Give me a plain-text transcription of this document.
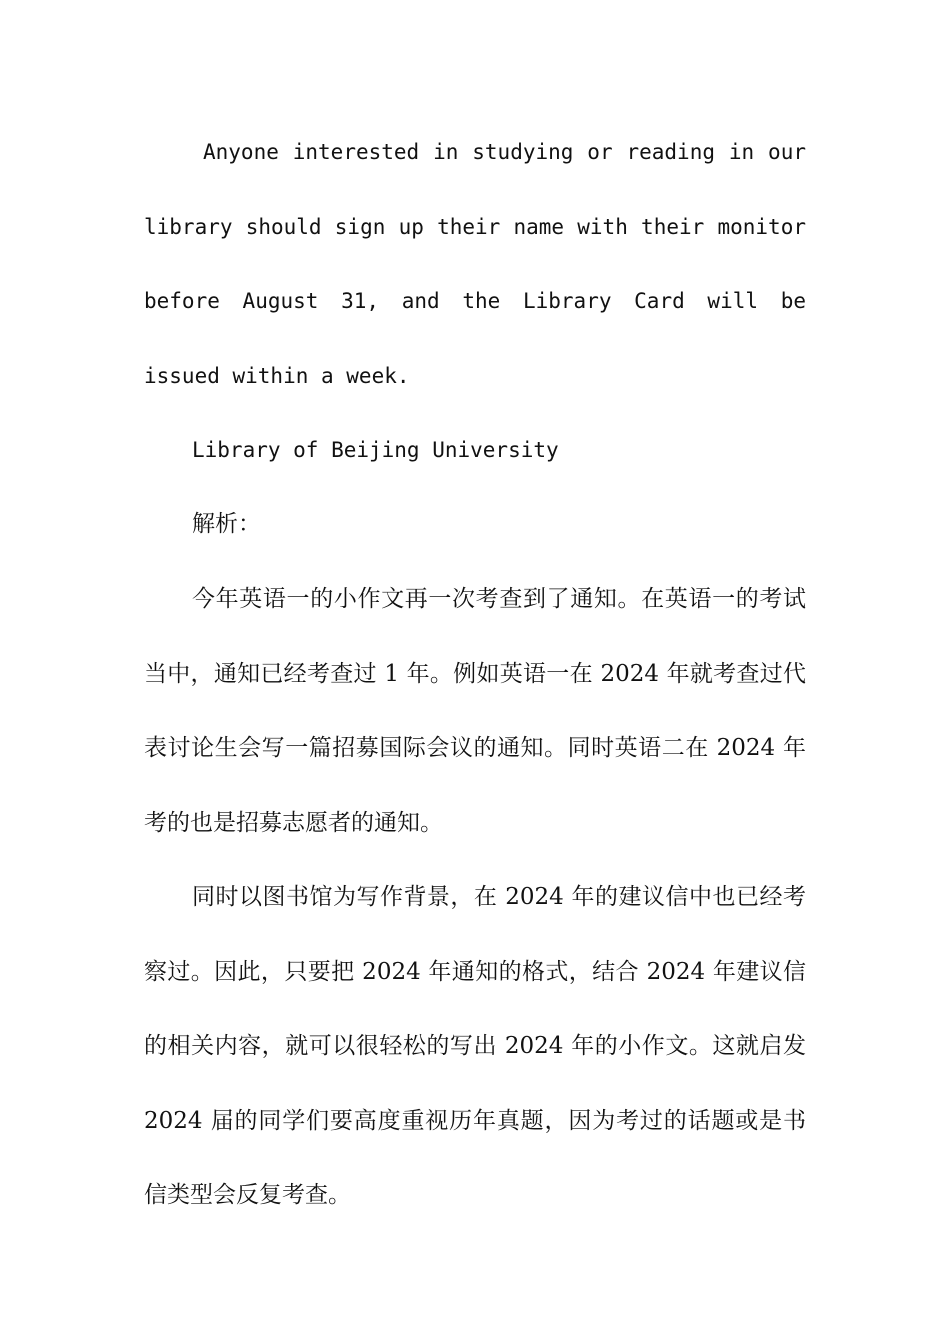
Anyone interested in studying or reading in our library should sign up their name with their monitor before August 31, and the Library Card will be issued within a week.

Library of Beijing University

解析：

今年英语一的小作文再一次考查到了通知。在英语一的考试当中，通知已经考查过 1 年。例如英语一在 2024 年就考查过代表讨论生会写一篇招募国际会议的通知。同时英语二在 2024 年考的也是招募志愿者的通知。

同时以图书馆为写作背景，在 2024 年的建议信中也已经考察过。因此，只要把 2024 年通知的格式，结合 2024 年建议信的相关内容，就可以很轻松的写出 2024 年的小作文。这就启发 2024 届的同学们要高度重视历年真题，因为考过的话题或是书信类型会反复考查。
